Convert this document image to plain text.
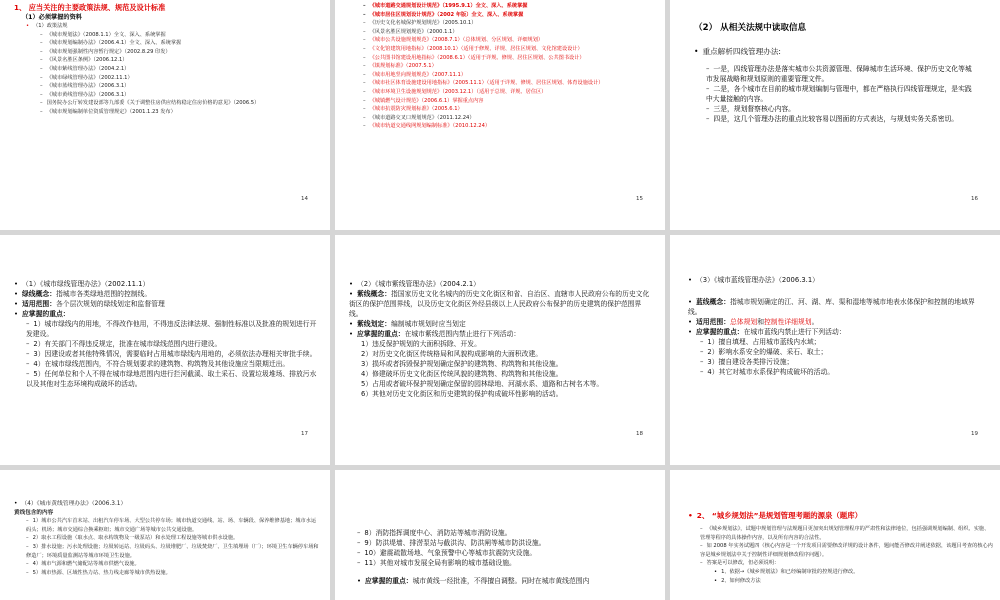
1、 应当关注的主要政策法规、规范及设计标准
（1）必须掌握的资料
• （1）政策法规
– 《城市规划法》（2008.1.1）全文、深入、系统掌握
– 《城市规划编制办法》（2006.4.1）全文、深入、系统掌握
– 《城市规划强制性内容暂行规定》（2002.8.29 印发）
– 《风景名胜区条例》（2006.12.1）
– 《城市紫线管理办法》（2004.2.1）
– 《城市绿线管理办法》（2002.11.1）
– 《城市蓝线管理办法》（2006.3.1）
– 《城市黄线管理办法》（2006.3.1）
– 国务院办公厅转发建设部等九部委《关于调整住房供应结构稳定住房价格的意见》（2006.5）
– 《城市规划编制单位资质管理规定》（2001.1.23 发布）
14
– 《城市道路交通规划设计规范》（1995.9.1）全文、深入、系统掌握
– 《城市居住区规划设计规范》（2002 年版）全文、深入、系统掌握
– 《历史文化名城保护规划规范》（2005.10.1）
– 《风景名胜区规划规范》（2000.1.1）
– 《城市公共设施规划规范》（2008.7.1）（总体规划、分区规划、详细规划）
– 《文化馆建筑用地指标》（2008.10.1）（适用于修规、详规、居住区规划、文化馆建设设计）
– 《公共图书馆建设用地指标》（2008.6.1）（适用于详规、修规、居住区规划、公共图书设计）
– 《镇规划标准》（2007.5.1）
– 《城市用地竖向规划规范》（2007.11.1）
– 《城市社区体育设施建设用地指标》（2005.11.1）（适用于详规、修规、居住区规划、体育设施设计）
– 《城市环境卫生设施规划规范》（2003.12.1）（适用于总规、详规、居住区）
– 《城镇燃气设计规范》（2006.6.1）掌握重点内容
– 《城市抗震防灾规划标准》（2005.6.1）
– 《城市道路交叉口规划规范》（2011.12.24）
– 《城市轨道交通线网规划编制标准》（2010.12.24）
15
（2） 从相关法规中读取信息
• 重点解析四线管理办法:
– 一是，四线管理办法是落实城市公共资源管理、保障城市生活环境、保护历史文化等城市发展战略和规划原则的重要管理文件。
– 二是，各个城市在目前的城市规划编制与管理中，都在严格执行四线管理规定，是实践中大量接触的内容。
– 三是，规划督察核心内容。
– 四是，这几个管理办法的重点比较容易以图面的方式表达，与规划实务关系密切。
16
• （1）《城市绿线管理办法》（2002.11.1）
• 绿线概念：指城市各类绿地范围的控制线。
• 适用范围：各个层次规划的绿线划定和监督管理
• 应掌握的重点：
– 1）城市绿线内的用地，不得改作他用，不得违反法律法规、强制性标准以及批准的规划进行开发建设。
– 2）有关部门不得违反规定，批准在城市绿线范围内进行建设。
– 3）因建设或者其他特殊情况，需要临时占用城市绿线内用地的，必须依法办理相关审批手续。
– 4）在城市绿线范围内，不符合规划要求的建筑物、构筑物及其他设施应当限期迁出。
– 5）任何单位和个人不得在城市绿地范围内进行拦河截溪、取土采石、设置垃圾堆场、排放污水以及其他对生态环境构成破坏的活动。
17
• （2）《城市紫线管理办法》（2004.2.1）
• 紫线概念：指国家历史文化名城内的历史文化街区和省、自治区、直辖市人民政府公布的历史文化街区的保护范围界线，以及历史文化街区外经县级以上人民政府公布保护的历史建筑的保护范围界线。
• 紫线划定：编制城市规划时应当划定
• 应掌握的重点：在城市紫线范围内禁止进行下列活动：
1）违反保护规划的大面积拆除、开发。
2）对历史文化街区传统格局和风貌构成影响的大面积改建。
3）损坏或者拆毁保护规划确定保护的建筑物、构筑物和其他设施。
4）修建破坏历史文化街区传统风貌的建筑物、构筑物和其他设施。
5）占用或者破坏保护规划确定保留的园林绿地、河湖水系、道路和古树名木等。
6）其他对历史文化街区和历史建筑的保护构成破坏性影响的活动。
18
• （3）《城市蓝线管理办法》（2006.3.1）
• 蓝线概念：指城市规划确定的江、河、湖、库、渠和湿地等城市地表水体保护和控制的地域界线。
• 适用范围：总体规划和控制性详细规划。
• 应掌握的重点：在城市蓝线内禁止进行下列活动：
– 1）擅自填埋、占用城市蓝线内水域；
– 2）影响水系安全的爆破、采石、取土；
– 3）擅自建设各类排污设施；
– 4）其它对城市水系保护构成破坏的活动。
19
• （4）《城市黄线管理办法》（2006.3.1）
黄线包含的内容
– 1）城市公共汽车首末站、出租汽车停车场、大型公共停车场；城市轨道交通线、站、场、车辆段、保养维修基地；城市水运码头；机场；城市交通综合换乘枢纽；城市交通广场等城市公共交通设施。
– 2）取水工程设施（取水点、取水构筑物及一级泵站）和水处理工程设施等城市供水设施。
– 3）排水设施；污水处理设施；垃圾转运站、垃圾码头、垃圾堆肥厂、垃圾焚烧厂、卫生填埋场（厂）；环境卫生车辆停车场和修造厂；环境质量监测站等城市环境卫生设施。
– 4）城市气源和燃气储配站等城市供燃气设施。
– 5）城市热源、区域性热力站、热力线走廊等城市供热设施。
– 8）消防指挥调度中心、消防站等城市消防设施。
– 9）防洪堤墙、排涝泵站与截洪沟、防洪闸等城市防洪设施。
– 10）避震疏散场地、气象预警中心等城市抗震防灾设施。
– 11）其他对城市发展全局有影响的城市基础设施。
• 应掌握的重点：城市黄线一经批准，不得擅自调整。同时在城市黄线范围内
• 2、 “城乡规划法”是规划管理考题的源泉（题库）
– 《城乡规划法》，试题中规划管理与法规题目更加突出规划管理程序的严肃性和法律地位，包括强调规划编制、组织、实施、管理等程序的具体操作内容，以及所有内容的合法性。
– 如 2008 年实务试题四（核心内容是一个开发项目需要修改详规的设计条件，题问能否修改并阐述依据，该题目考查的核心内容是城乡规划法中关于控制性详细规划修改程序问题）。
– 答案是可以修改，但必须说明：
• 1、依据→《城乡规划法》和已经编制审批的控规进行修改。
• 2、如何修改方法
